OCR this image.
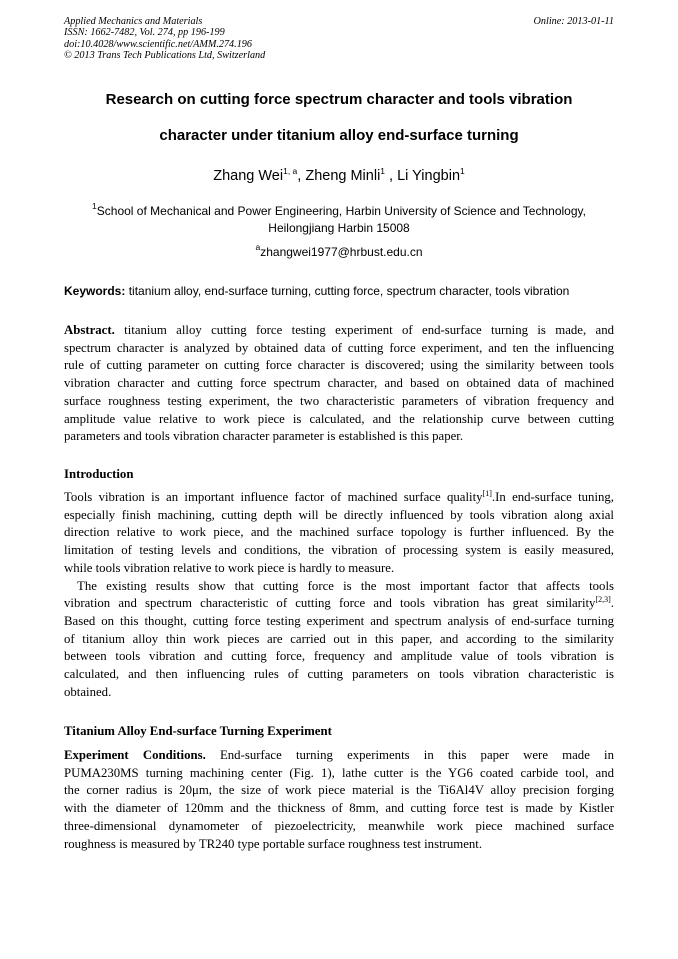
Applied Mechanics and Materials
ISSN: 1662-7482, Vol. 274, pp 196-199
doi:10.4028/www.scientific.net/AMM.274.196
© 2013 Trans Tech Publications Ltd, Switzerland
Online: 2013-01-11
Research on cutting force spectrum character and tools vibration
character under titanium alloy end-surface turning
Zhang Wei$^{1, a}$, Zheng Minli$^1$ , Li Yingbin$^1$
$^1$School of Mechanical and Power Engineering, Harbin University of Science and Technology,
Heilongjiang Harbin 15008
$^a$zhangwei1977@hrbust.edu.cn
Keywords: titanium alloy, end-surface turning, cutting force, spectrum character, tools vibration
Abstract. titanium alloy cutting force testing experiment of end-surface turning is made, and
spectrum character is analyzed by obtained data of cutting force experiment, and ten the influencing
rule of cutting parameter on cutting force character is discovered; using the similarity between tools
vibration character and cutting force spectrum character, and based on obtained data of machined
surface roughness testing experiment, the two characteristic parameters of vibration frequency and
amplitude value relative to work piece is calculated, and the relationship curve between cutting
parameters and tools vibration character parameter is established is this paper.
Introduction
Tools vibration is an important influence factor of machined surface quality[1].In end-surface tuning,
especially finish machining, cutting depth will be directly influenced by tools vibration along axial
direction relative to work piece, and the machined surface topology is further influenced. By the
limitation of testing levels and conditions, the vibration of processing system is easily measured,
while tools vibration relative to work piece is hardly to measure.
The existing results show that cutting force is the most important factor that affects tools
vibration and spectrum characteristic of cutting force and tools vibration has great similarity[2,3].
Based on this thought, cutting force testing experiment and spectrum analysis of end-surface turning
of titanium alloy thin work pieces are carried out in this paper, and according to the similarity
between tools vibration and cutting force, frequency and amplitude value of tools vibration is
calculated, and then influencing rules of cutting parameters on tools vibration characteristic is
obtained.
Titanium Alloy End-surface Turning Experiment
Experiment Conditions. End-surface turning experiments in this paper were made in
PUMA230MS turning machining center (Fig. 1), lathe cutter is the YG6 coated carbide tool, and
the corner radius is 20μm, the size of work piece material is the Ti6Al4V alloy precision forging
with the diameter of 120mm and the thickness of 8mm, and cutting force test is made by Kistler
three-dimensional dynamometer of piezoelectricity, meanwhile work piece machined surface
roughness is measured by TR240 type portable surface roughness test instrument.
